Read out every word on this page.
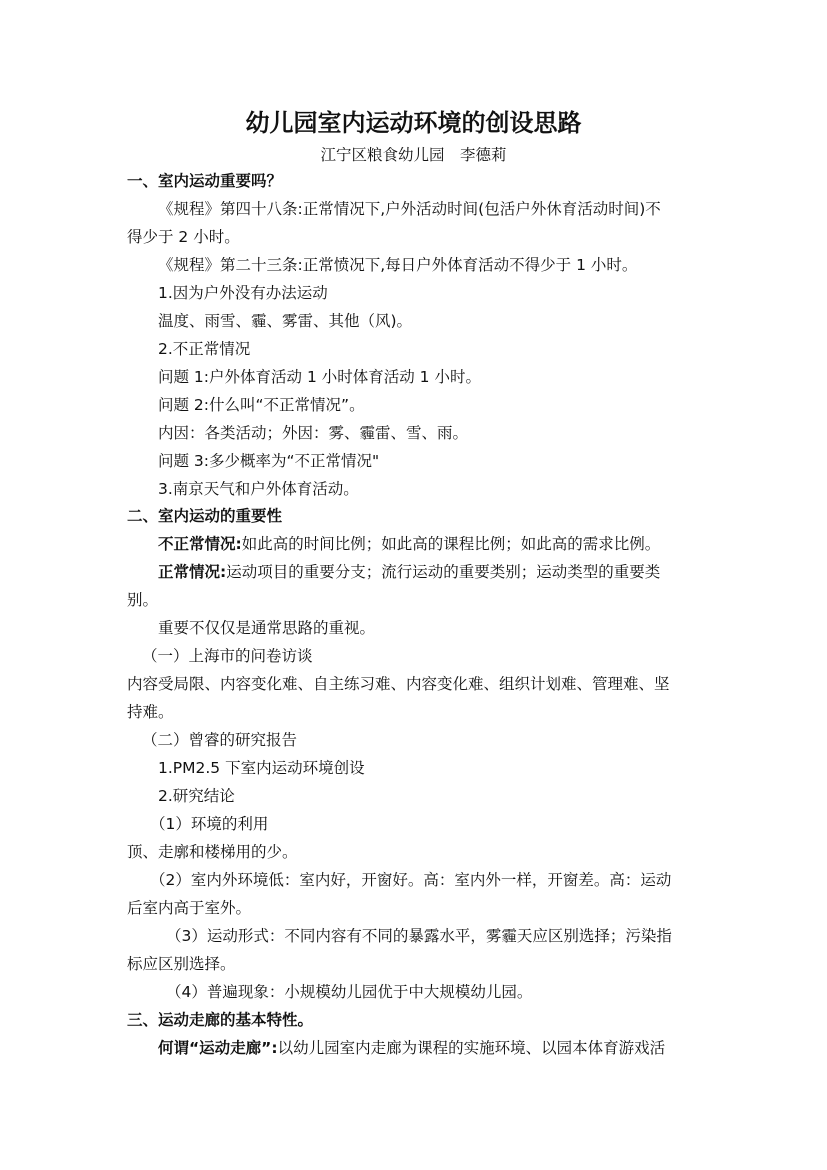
幼儿园室内运动环境的创设思路
江宁区粮食幼儿园　李德莉
一、室内运动重要吗？
《规程》第四十八条:正常情况下,户外活动时间(包活户外休育活动时间)不
得少于 2 小时。
《规程》第二十三条:正常愤况下,每日户外体育活动不得少于 1 小时。
1.因为户外没有办法运动
温度、雨雪、霾、雾雷、其他（风)。
2.不正常情况
问题 1:户外体育活动 1 小时体育活动 1 小时。
问题 2:什么叫“不正常情况”。
内因：各类活动；外因：雾、霾雷、雪、雨。
问题 3:多少概率为“不正常情况"
3.南京天气和户外体育活动。
二、室内运动的重要性
不正常情况:如此高的时间比例；如此高的课程比例；如此高的需求比例。
正常情况:运动项目的重要分支；流行运动的重要类别；运动类型的重要类
别。
重要不仅仅是通常思路的重视。
（一）上海市的问卷访谈
内容受局限、内容变化难、自主练习难、内容变化难、组织计划难、管理难、坚
持难。
（二）曾睿的研究报告
1.PM2.5 下室内运动环境创设
2.研究结论
（1）环境的利用
顶、走廓和楼梯用的少。
（2）室内外环境低：室内好，开窗好。高：室内外一样，开窗差。高：运动
后室内高于室外。
（3）运动形式：不同内容有不同的暴露水平，雾霾天应区别选择；污染指
标应区别选择。
（4）普遍现象：小规模幼儿园优于中大规模幼儿园。
三、运动走廊的基本特性。
何谓“运动走廊”:以幼儿园室内走廊为课程的实施环境、以园本体育游戏活
